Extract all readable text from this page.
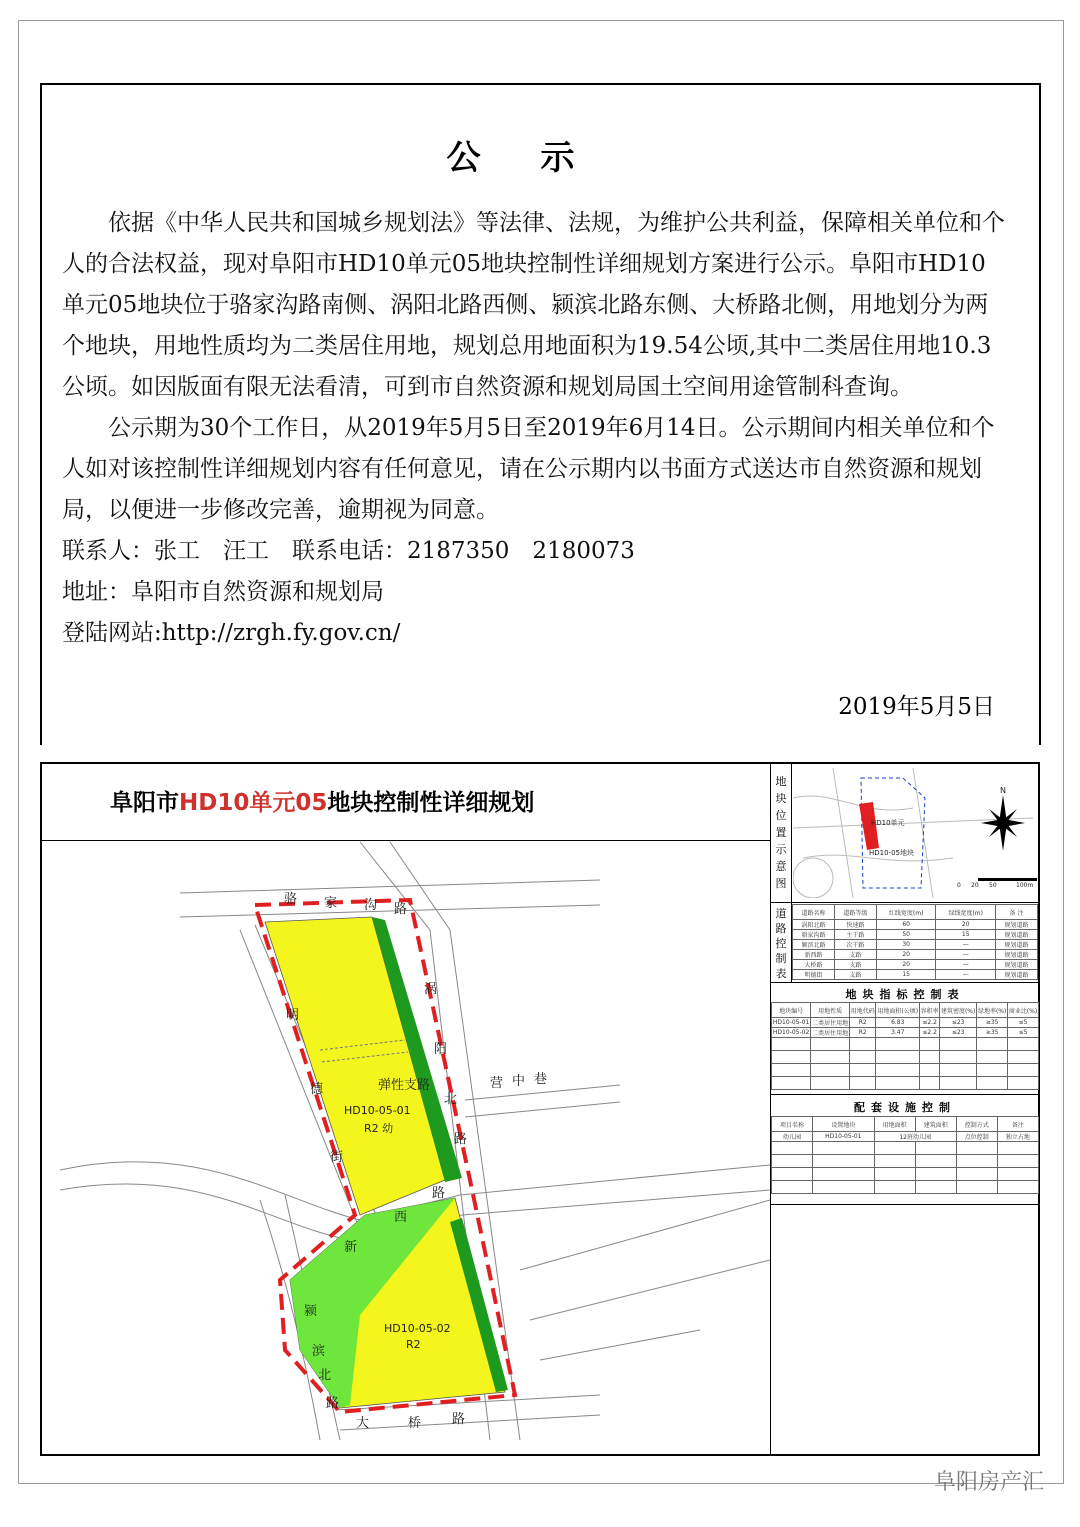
公示

依据《中华人民共和国城乡规划法》等法律、法规，为维护公共利益，保障相关单位和个人的合法权益，现对阜阳市HD10单元05地块控制性详细规划方案进行公示。阜阳市HD10单元05地块位于骆家沟路南侧、涡阳北路西侧、颍滨北路东侧、大桥路北侧，用地划分为两个地块，用地性质均为二类居住用地，规划总用地面积为19.54公顷,其中二类居住用地10.3公顷。如因版面有限无法看清，可到市自然资源和规划局国土空间用途管制科查询。

公示期为30个工作日，从2019年5月5日至2019年6月14日。公示期间内相关单位和个人如对该控制性详细规划内容有任何意见，请在公示期内以书面方式送达市自然资源和规划局，以便进一步修改完善，逾期视为同意。

联系人：张工　汪工　联系电话：2187350　2180073

地址：阜阳市自然资源和规划局

登陆网站:http://zrgh.fy.gov.cn/

2019年5月5日
阜阳市HD10单元05地块控制性详细规划
弹性支路
HD10-05-01
R2 幼
HD10-05-02
R2
骆 家 沟 路
涡
阳
北
路
营 中 巷
明
德
街
新
西
路
颍
滨
北
路
大	桥 路
地
块
位
置
示
意
图
HD10单元
HD10-05地块
N
0 20 50	100m
道
路
控
制
表
道路名称	道路等级	红线宽度(m)	绿线宽度(m)	备 注
涡阳北路	快速路	60	20	规划道路
骆家沟路	主干路	50	15	规划道路
颍滨北路	次干路	30	—	规划道路
新西路	支路	20	—	规划道路
大桥路	支路	20	—	规划道路
明德街	支路	15	—	规划道路
地块指标控制表
地块编号	用地性质	用地代码	用地面积(公顷)	容积率	建筑密度(%)	绿地率(%)	商业比(%)
HD10-05-01	二类居住用地	R2	6.83	≤2.2	≤23	≥35	≤5
HD10-05-02	二类居住用地	R2	3.47	≤2.2	≤23	≥35	≤5

配套设施控制
项目名称	设置地块	用地面积	建筑面积	控制方式	备注
幼儿园	HD10-05-01	12班幼儿园		点位控制	独立占地

阜阳房产汇
